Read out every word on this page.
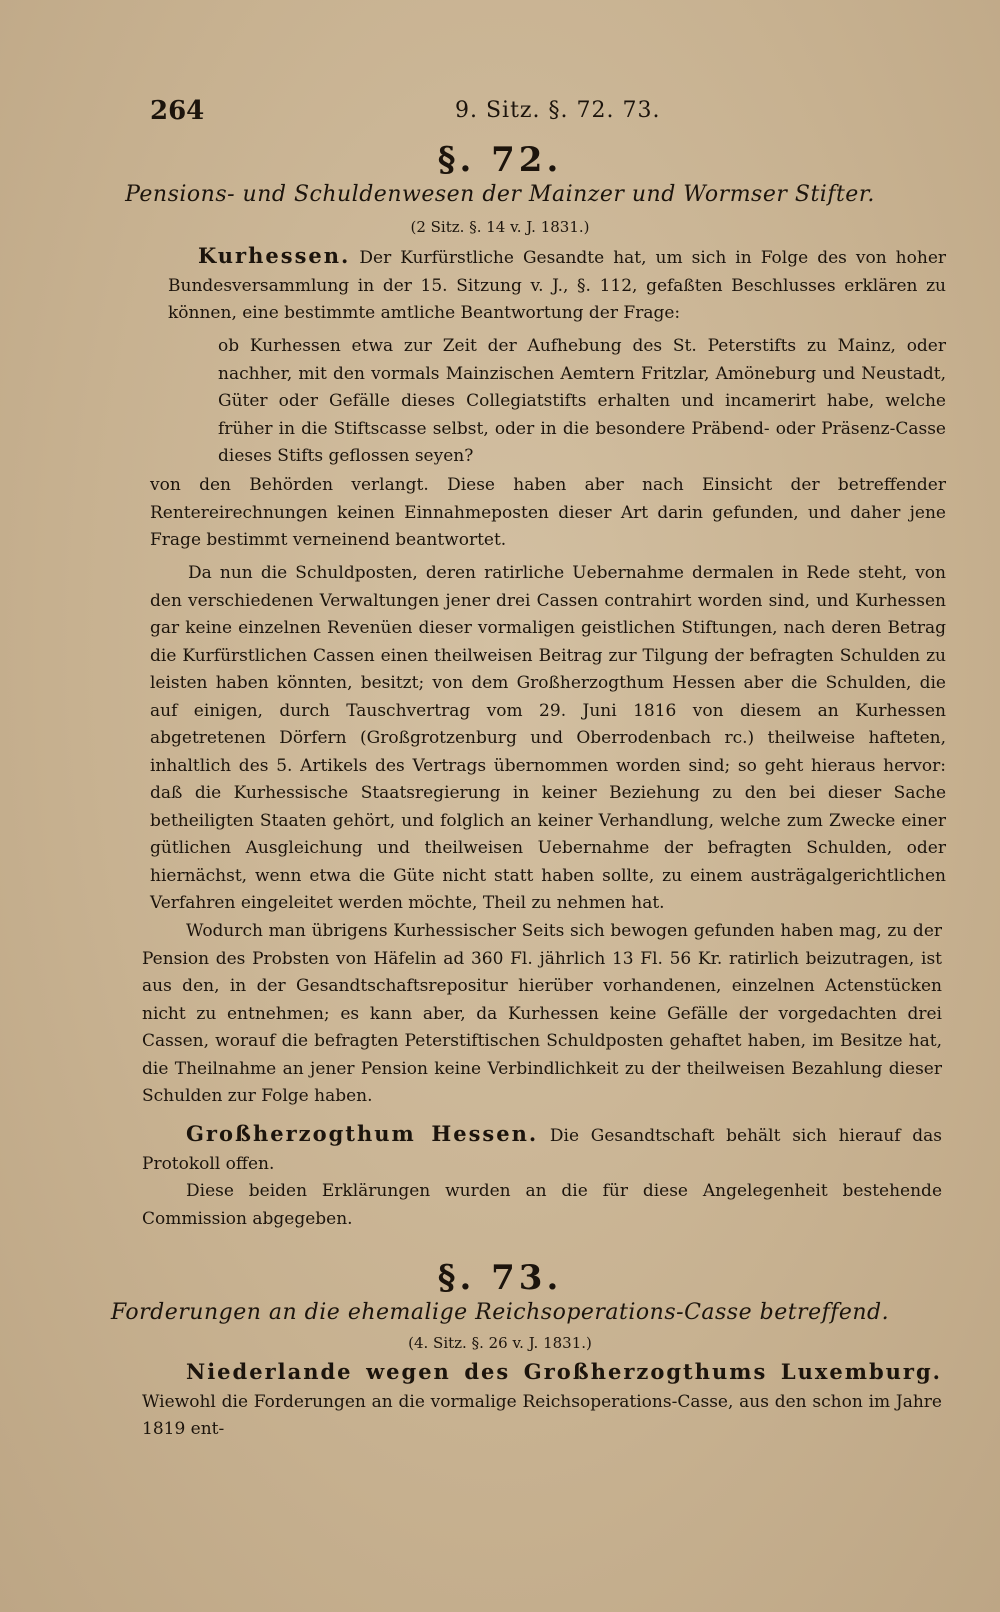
264	9. Sitz. §. 72. 73.
§. 72.
Pensions- und Schuldenwesen der Mainzer und Wormser Stifter.
(2 Sitz. §. 14 v. J. 1831.)
Kurhessen. Der Kurfürstliche Gesandte hat, um sich in Folge des von hoher Bundesversammlung in der 15. Sitzung v. J., §. 112, gefaßten Beschlusses erklären zu können, eine bestimmte amtliche Beantwortung der Frage:
ob Kurhessen etwa zur Zeit der Aufhebung des St. Peterstifts zu Mainz, oder nachher, mit den vormals Mainzischen Aemtern Fritzlar, Amöneburg und Neustadt, Güter oder Gefälle dieses Collegiatstifts erhalten und incamerirt habe, welche früher in die Stiftscasse selbst, oder in die besondere Präbend- oder Präsenz-Casse dieses Stifts geflossen seyen?
von den Behörden verlangt. Diese haben aber nach Einsicht der betreffender Rentereirechnungen keinen Einnahmeposten dieser Art darin gefunden, und daher jene Frage bestimmt verneinend beantwortet.
Da nun die Schuldposten, deren ratirliche Uebernahme dermalen in Rede steht, von den verschiedenen Verwaltungen jener drei Cassen contrahirt worden sind, und Kurhessen gar keine einzelnen Revenüen dieser vormaligen geistlichen Stiftungen, nach deren Betrag die Kurfürstlichen Cassen einen theilweisen Beitrag zur Tilgung der befragten Schulden zu leisten haben könnten, besitzt; von dem Großherzogthum Hessen aber die Schulden, die auf einigen, durch Tauschvertrag vom 29. Juni 1816 von diesem an Kurhessen abgetretenen Dörfern (Großgrotzenburg und Oberrodenbach rc.) theilweise hafteten, inhaltlich des 5. Artikels des Vertrags übernommen worden sind; so geht hieraus hervor: daß die Kurhessische Staatsregierung in keiner Beziehung zu den bei dieser Sache betheiligten Staaten gehört, und folglich an keiner Verhandlung, welche zum Zwecke einer gütlichen Ausgleichung und theilweisen Uebernahme der befragten Schulden, oder hiernächst, wenn etwa die Güte nicht statt haben sollte, zu einem austrägalgerichtlichen Verfahren eingeleitet werden möchte, Theil zu nehmen hat.
Wodurch man übrigens Kurhessischer Seits sich bewogen gefunden haben mag, zu der Pension des Probsten von Häfelin ad 360 Fl. jährlich 13 Fl. 56 Kr. ratirlich beizutragen, ist aus den, in der Gesandtschaftsrepositur hierüber vorhandenen, einzelnen Actenstücken nicht zu entnehmen; es kann aber, da Kurhessen keine Gefälle der vorgedachten drei Cassen, worauf die befragten Peterstiftischen Schuldposten gehaftet haben, im Besitze hat, die Theilnahme an jener Pension keine Verbindlichkeit zu der theilweisen Bezahlung dieser Schulden zur Folge haben.
Großherzogthum Hessen. Die Gesandtschaft behält sich hierauf das Protokoll offen.
Diese beiden Erklärungen wurden an die für diese Angelegenheit bestehende Commission abgegeben.
§. 73.
Forderungen an die ehemalige Reichsoperations-Casse betreffend.
(4. Sitz. §. 26 v. J. 1831.)
Niederlande wegen des Großherzogthums Luxemburg. Wiewohl die Forderungen an die vormalige Reichsoperations-Casse, aus den schon im Jahre 1819 ent-
